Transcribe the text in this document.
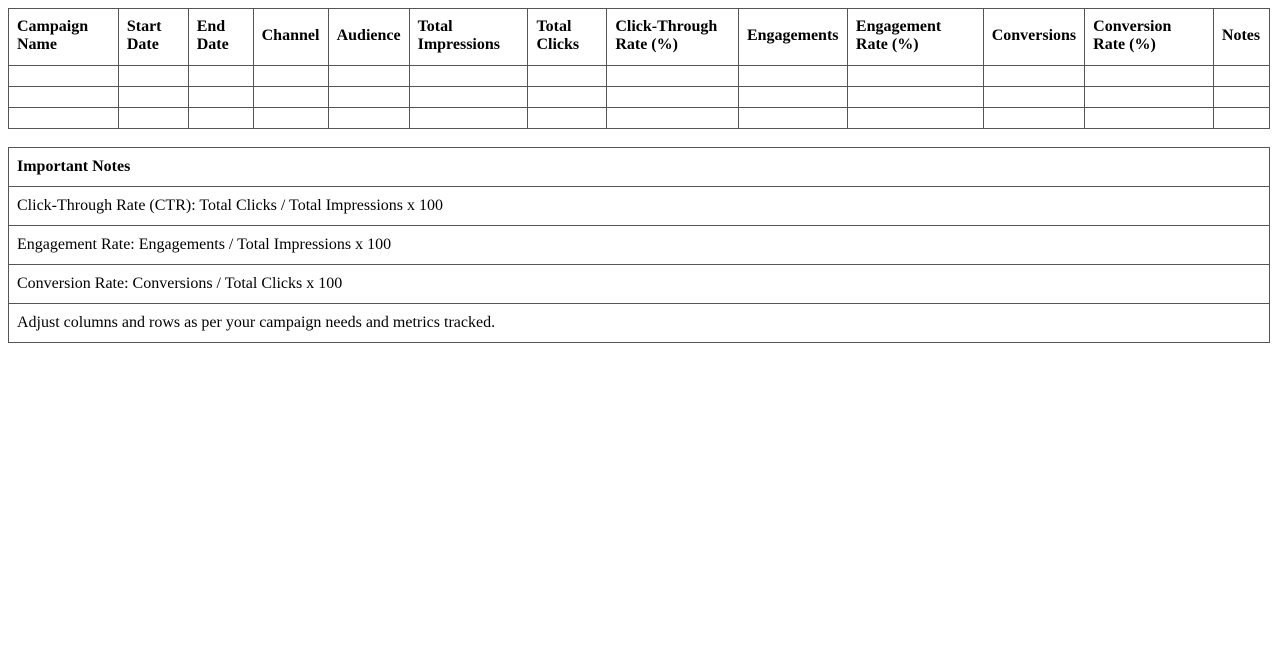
Campaign Name	Start Date	End Date	Channel	Audience	Total Impressions	Total Clicks	Click-Through Rate (%)	Engagements	Engagement Rate (%)	Conversions	Conversion Rate (%)	Notes

Important Notes
Click-Through Rate (CTR): Total Clicks / Total Impressions x 100
Engagement Rate: Engagements / Total Impressions x 100
Conversion Rate: Conversions / Total Clicks x 100
Adjust columns and rows as per your campaign needs and metrics tracked.
